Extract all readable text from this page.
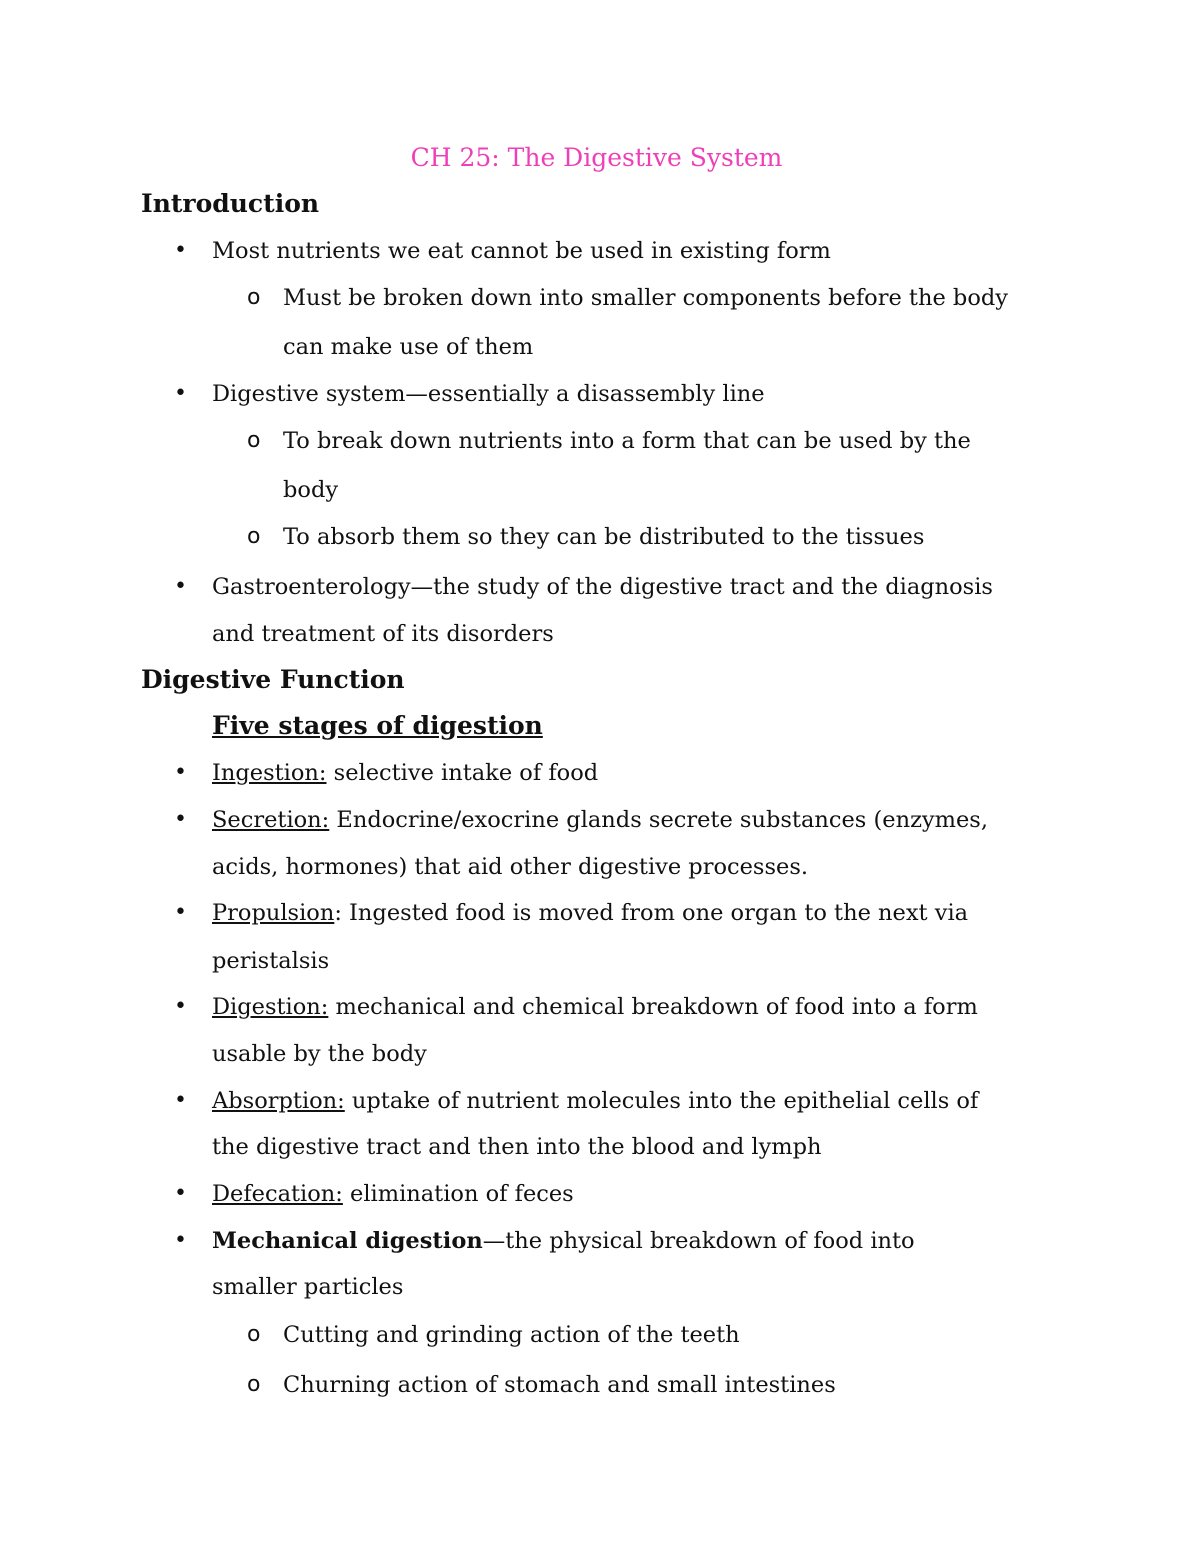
CH 25: The Digestive System
Introduction
• Most nutrients we eat cannot be used in existing form
o Must be broken down into smaller components before the body
can make use of them
• Digestive system—essentially a disassembly line
o To break down nutrients into a form that can be used by the
body
o To absorb them so they can be distributed to the tissues
• Gastroenterology—the study of the digestive tract and the diagnosis
and treatment of its disorders
Digestive Function
Five stages of digestion
• Ingestion: selective intake of food
• Secretion: Endocrine/exocrine glands secrete substances (enzymes,
acids, hormones) that aid other digestive processes.
• Propulsion: Ingested food is moved from one organ to the next via
peristalsis
• Digestion: mechanical and chemical breakdown of food into a form
usable by the body
• Absorption: uptake of nutrient molecules into the epithelial cells of
the digestive tract and then into the blood and lymph
• Defecation: elimination of feces
• Mechanical digestion—the physical breakdown of food into
smaller particles
o Cutting and grinding action of the teeth
o Churning action of stomach and small intestines
